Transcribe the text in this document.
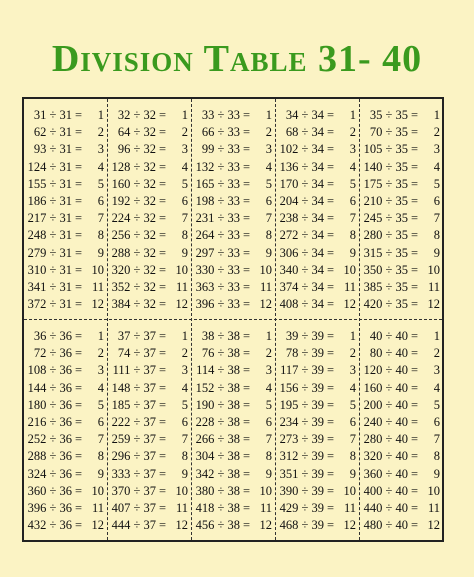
Division Table 31- 40
31 ÷ 31 =	1
62 ÷ 31 =	2
93 ÷ 31 =	3
124 ÷ 31 =	4
155 ÷ 31 =	5
186 ÷ 31 =	6
217 ÷ 31 =	7
248 ÷ 31 =	8
279 ÷ 31 =	9
310 ÷ 31 = 10
341 ÷ 31 = 11
372 ÷ 31 = 12
32 ÷ 32 =	1
64 ÷ 32 =	2
96 ÷ 32 =	3
128 ÷ 32 =	4
160 ÷ 32 =	5
192 ÷ 32 =	6
224 ÷ 32 =	7
256 ÷ 32 =	8
288 ÷ 32 =	9
320 ÷ 32 = 10
352 ÷ 32 = 11
384 ÷ 32 = 12
33 ÷ 33 =	1
66 ÷ 33 =	2
99 ÷ 33 =	3
132 ÷ 33 =	4
165 ÷ 33 =	5
198 ÷ 33 =	6
231 ÷ 33 =	7
264 ÷ 33 =	8
297 ÷ 33 =	9
330 ÷ 33 = 10
363 ÷ 33 = 11
396 ÷ 33 = 12
34 ÷ 34 =	1
68 ÷ 34 =	2
102 ÷ 34 =	3
136 ÷ 34 =	4
170 ÷ 34 =	5
204 ÷ 34 =	6
238 ÷ 34 =	7
272 ÷ 34 =	8
306 ÷ 34 =	9
340 ÷ 34 = 10
374 ÷ 34 = 11
408 ÷ 34 = 12
35 ÷ 35 =	1
70 ÷ 35 =	2
105 ÷ 35 =	3
140 ÷ 35 =	4
175 ÷ 35 =	5
210 ÷ 35 =	6
245 ÷ 35 =	7
280 ÷ 35 =	8
315 ÷ 35 =	9
350 ÷ 35 = 10
385 ÷ 35 = 11
420 ÷ 35 = 12
36 ÷ 36 =	1
72 ÷ 36 =	2
108 ÷ 36 =	3
144 ÷ 36 =	4
180 ÷ 36 =	5
216 ÷ 36 =	6
252 ÷ 36 =	7
288 ÷ 36 =	8
324 ÷ 36 =	9
360 ÷ 36 = 10
396 ÷ 36 = 11
432 ÷ 36 = 12
37 ÷ 37 =	1
74 ÷ 37 =	2
111 ÷ 37 =	3
148 ÷ 37 =	4
185 ÷ 37 =	5
222 ÷ 37 =	6
259 ÷ 37 =	7
296 ÷ 37 =	8
333 ÷ 37 =	9
370 ÷ 37 = 10
407 ÷ 37 = 11
444 ÷ 37 = 12
38 ÷ 38 =	1
76 ÷ 38 =	2
114 ÷ 38 =	3
152 ÷ 38 =	4
190 ÷ 38 =	5
228 ÷ 38 =	6
266 ÷ 38 =	7
304 ÷ 38 =	8
342 ÷ 38 =	9
380 ÷ 38 = 10
418 ÷ 38 = 11
456 ÷ 38 = 12
39 ÷ 39 =	1
78 ÷ 39 =	2
117 ÷ 39 =	3
156 ÷ 39 =	4
195 ÷ 39 =	5
234 ÷ 39 =	6
273 ÷ 39 =	7
312 ÷ 39 =	8
351 ÷ 39 =	9
390 ÷ 39 = 10
429 ÷ 39 = 11
468 ÷ 39 = 12
40 ÷ 40 =	1
80 ÷ 40 =	2
120 ÷ 40 =	3
160 ÷ 40 =	4
200 ÷ 40 =	5
240 ÷ 40 =	6
280 ÷ 40 =	7
320 ÷ 40 =	8
360 ÷ 40 =	9
400 ÷ 40 = 10
440 ÷ 40 = 11
480 ÷ 40 = 12
